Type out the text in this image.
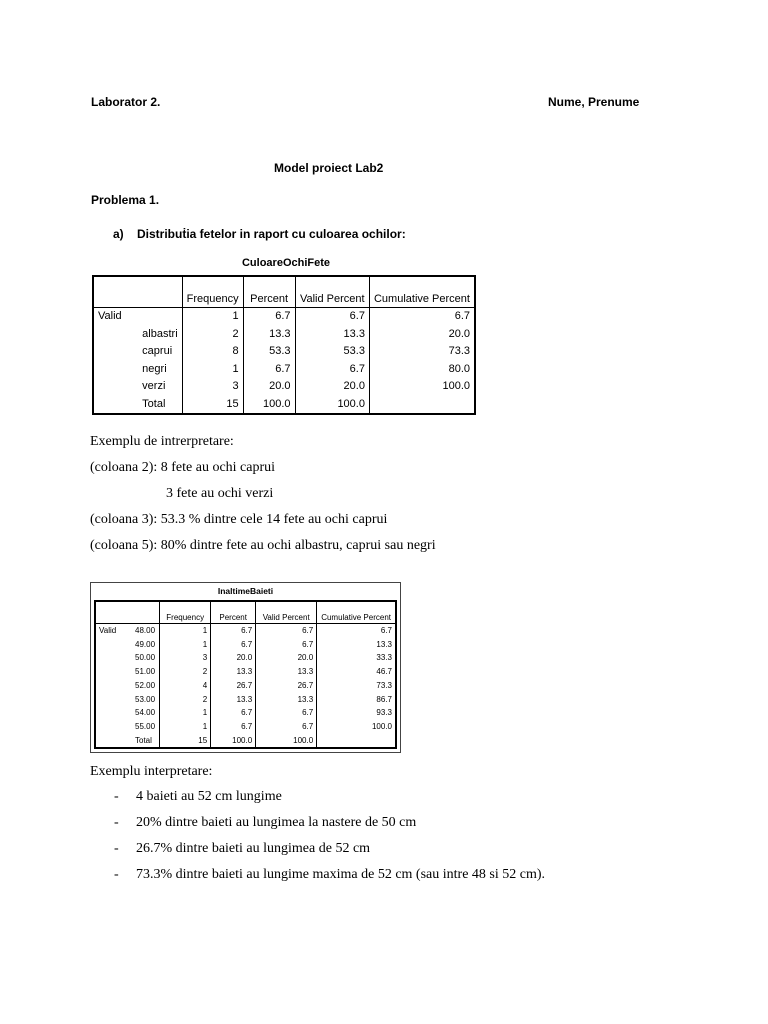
Laborator 2.	Nume, Prenume
Model proiect Lab2
Problema 1.
a) Distribuṫia fetelor in raport cu culoarea ochilor:
CuloareOchiFete
		Frequency	Percent	Valid Percent	Cumulative Percent
Valid		1	6.7	6.7	6.7
	albastri	2	13.3	13.3	20.0
	caprui	8	53.3	53.3	73.3
	negri	1	6.7	6.7	80.0
	verzi	3	20.0	20.0	100.0
	Total	15	100.0	100.0	
Exemplu de intrerpretare:
(coloana 2): 8 fete au ochi caprui
3 fete au ochi verzi
(coloana 3): 53.3 % dintre cele 14 fete au ochi caprui
(coloana 5): 80% dintre fete au ochi albastru, caprui sau negri
InaltimeBaieti
		Frequency	Percent	Valid Percent	Cumulative Percent
Valid	48.00	1	6.7	6.7	6.7
	49.00	1	6.7	6.7	13.3
	50.00	3	20.0	20.0	33.3
	51.00	2	13.3	13.3	46.7
	52.00	4	26.7	26.7	73.3
	53.00	2	13.3	13.3	86.7
	54.00	1	6.7	6.7	93.3
	55.00	1	6.7	6.7	100.0
	Total	15	100.0	100.0	
Exemplu interpretare:
- 4 baieti au 52 cm lungime
- 20% dintre baieti au lungimea la nastere de 50 cm
- 26.7% dintre baieti au lungimea de 52 cm
- 73.3% dintre baieti au lungime maxima de 52 cm (sau intre 48 si 52 cm).
